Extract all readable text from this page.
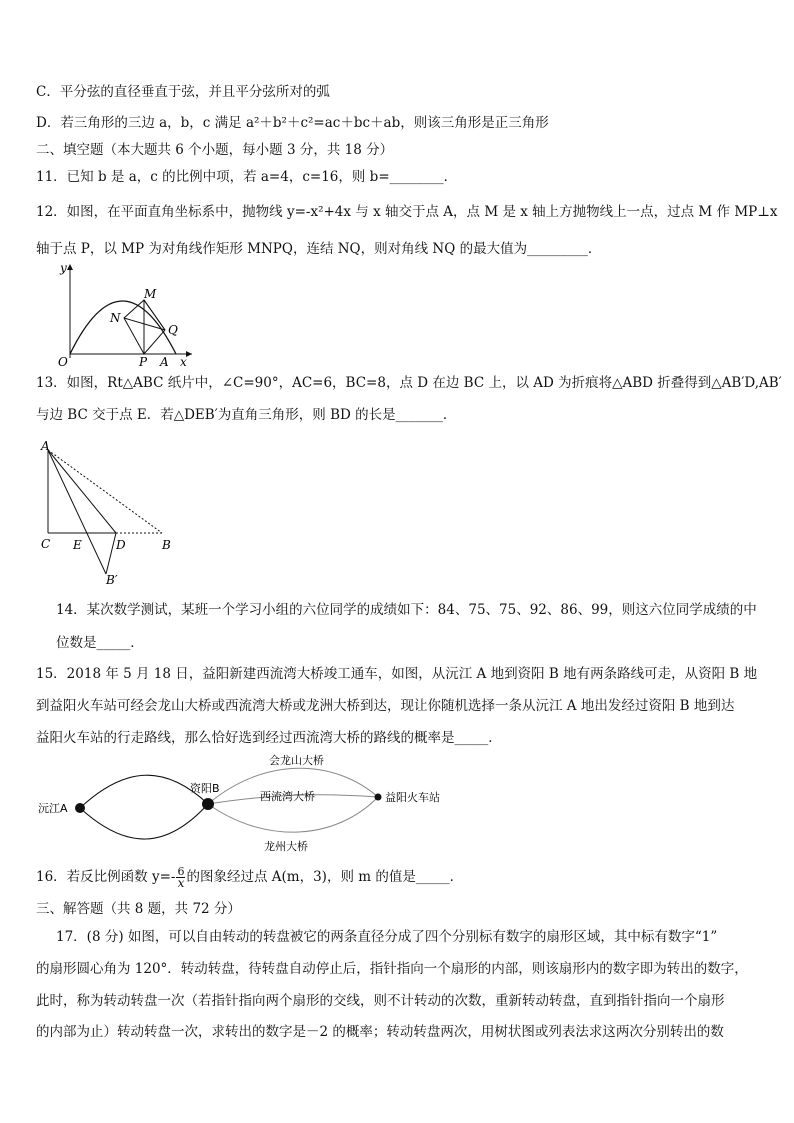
C．平分弦的直径垂直于弦，并且平分弦所对的弧
D．若三角形的三边 a，b，c 满足 a²＋b²＋c²=ac＋bc＋ab，则该三角形是正三角形
二、填空题（本大题共 6 个小题，每小题 3 分，共 18 分）
11．已知 b 是 a，c 的比例中项，若 a=4，c=16，则 b=________．
12．如图，在平面直角坐标系中，抛物线 y=-x²+4x 与 x 轴交于点 A，点 M 是 x 轴上方抛物线上一点，过点 M 作 MP⊥x
轴于点 P，以 MP 为对角线作矩形 MNPQ，连结 NQ，则对角线 NQ 的最大值为_________．
y
x
O	P A
M
N
Q
13．如图，Rt△ABC 纸片中，∠C=90°，AC=6，BC=8，点 D 在边 BC 上，以 AD 为折痕将△ABD 折叠得到△AB′D,AB′
与边 BC 交于点 E．若△DEB′为直角三角形，则 BD 的长是_______．
A
C E	D	B
B′
14．某次数学测试，某班一个学习小组的六位同学的成绩如下：84、75、75、92、86、99，则这六位同学成绩的中
位数是_____．
15．2018 年 5 月 18 日，益阳新建西流湾大桥竣工通车，如图，从沅江 A 地到资阳 B 地有两条路线可走，从资阳 B 地
到益阳火车站可经会龙山大桥或西流湾大桥或龙洲大桥到达，现让你随机选择一条从沅江 A 地出发经过资阳 B 地到达
益阳火车站的行走路线，那么恰好选到经过西流湾大桥的路线的概率是_____．
沅江A
资阳B
益阳火车站
会龙山大桥
西流湾大桥
龙州大桥
16．若反比例函数 $y=- \frac{6}{x}$ 的图象经过点 A(m，3)，则 m 的值是_____．
三、解答题（共 8 题，共 72 分）
17．(8 分) 如图，可以自由转动的转盘被它的两条直径分成了四个分别标有数字的扇形区域，其中标有数字“1”
的扇形圆心角为 120°．转动转盘，待转盘自动停止后，指针指向一个扇形的内部，则该扇形内的数字即为转出的数字，
此时，称为转动转盘一次（若指针指向两个扇形的交线，则不计转动的次数，重新转动转盘，直到指针指向一个扇形
的内部为止）转动转盘一次，求转出的数字是－2 的概率；转动转盘两次，用树状图或列表法求这两次分别转出的数
